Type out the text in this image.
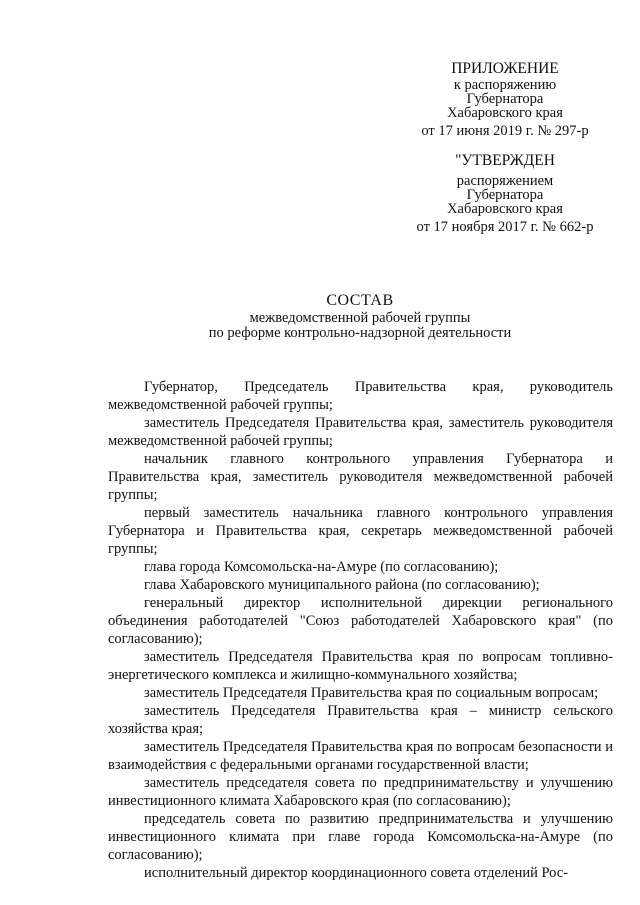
ПРИЛОЖЕНИЕ
к распоряжению
Губернатора
Хабаровского края
от 17 июня 2019 г. № 297-р
"УТВЕРЖДЕН
распоряжением
Губернатора
Хабаровского края
от 17 ноября 2017 г. № 662-р
СОСТАВ
межведомственной рабочей группы
по реформе контрольно-надзорной деятельности

Губернатор, Председатель Правительства края, руководитель межведомственной рабочей группы;

заместитель Председателя Правительства края, заместитель руководителя межведомственной рабочей группы;

начальник главного контрольного управления Губернатора и Правительства края, заместитель руководителя межведомственной рабочей группы;

первый заместитель начальника главного контрольного управления Губернатора и Правительства края, секретарь межведомственной рабочей группы;

глава города Комсомольска-на-Амуре (по согласованию);

глава Хабаровского муниципального района (по согласованию);

генеральный директор исполнительной дирекции регионального объединения работодателей "Союз работодателей Хабаровского края" (по согласованию);

заместитель Председателя Правительства края по вопросам топливно-энергетического комплекса и жилищно-коммунального хозяйства;

заместитель Председателя Правительства края по социальным вопросам;

заместитель Председателя Правительства края – министр сельского хозяйства края;

заместитель Председателя Правительства края по вопросам безопасности и взаимодействия с федеральными органами государственной власти;

заместитель председателя совета по предпринимательству и улучшению инвестиционного климата Хабаровского края (по согласованию);

председатель совета по развитию предпринимательства и улучшению инвестиционного климата при главе города Комсомольска-на-Амуре (по согласованию);

исполнительный директор координационного совета отделений Рос-
